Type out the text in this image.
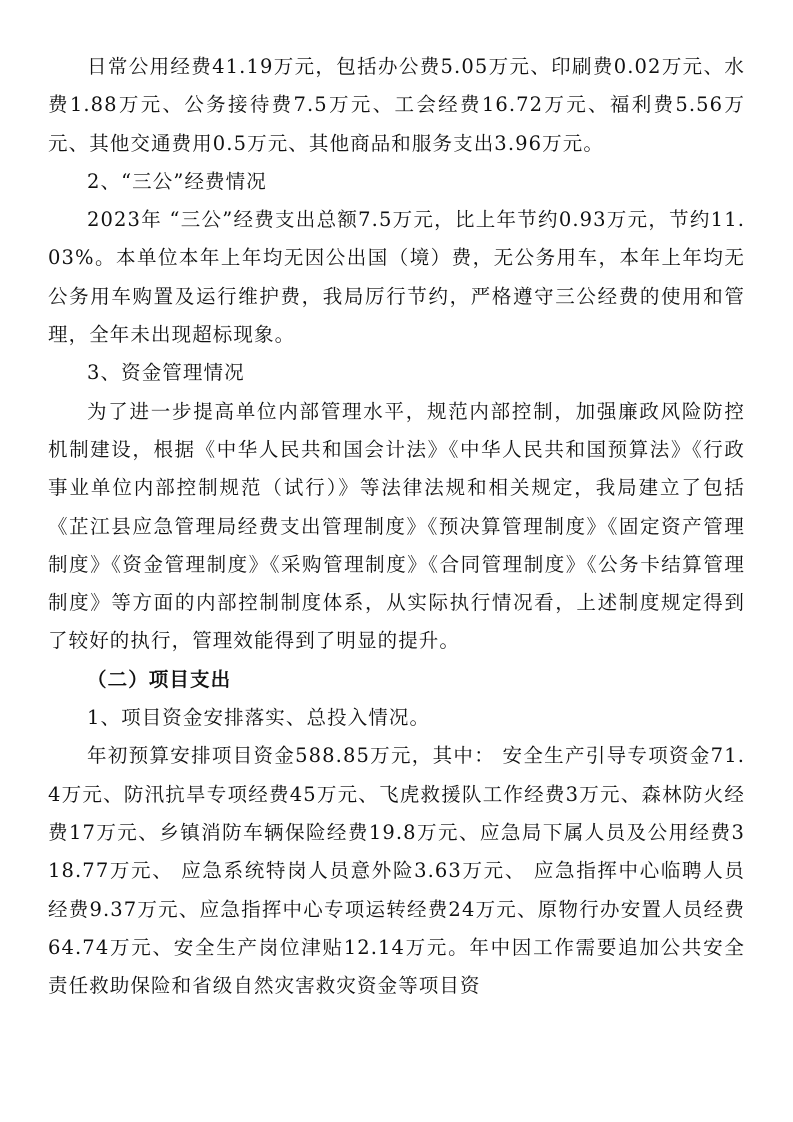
日常公用经费41.19万元，包括办公费5.05万元、印刷费0.02万元、水费1.88万元、公务接待费7.5万元、工会经费16.72万元、福利费5.56万元、其他交通费用0.5万元、其他商品和服务支出3.96万元。

2、“三公”经费情况

2023年 “三公”经费支出总额7.5万元，比上年节约0.93万元，节约11.03%。本单位本年上年均无因公出国（境）费，无公务用车，本年上年均无公务用车购置及运行维护费，我局厉行节约，严格遵守三公经费的使用和管理，全年未出现超标现象。

3、资金管理情况

为了进一步提高单位内部管理水平，规范内部控制，加强廉政风险防控机制建设，根据《中华人民共和国会计法》《中华人民共和国预算法》《行政事业单位内部控制规范（试行）》等法律法规和相关规定，我局建立了包括《芷江县应急管理局经费支出管理制度》《预决算管理制度》《固定资产管理制度》《资金管理制度》《采购管理制度》《合同管理制度》《公务卡结算管理制度》等方面的内部控制制度体系，从实际执行情况看，上述制度规定得到了较好的执行，管理效能得到了明显的提升。

（二）项目支出

1、项目资金安排落实、总投入情况。

年初预算安排项目资金588.85万元，其中： 安全生产引导专项资金71.4万元、防汛抗旱专项经费45万元、飞虎救援队工作经费3万元、森林防火经费17万元、乡镇消防车辆保险经费19.8万元、应急局下属人员及公用经费318.77万元、 应急系统特岗人员意外险3.63万元、 应急指挥中心临聘人员经费9.37万元、应急指挥中心专项运转经费24万元、原物行办安置人员经费64.74万元、安全生产岗位津贴12.14万元。年中因工作需要追加公共安全责任救助保险和省级自然灾害救灾资金等项目资
